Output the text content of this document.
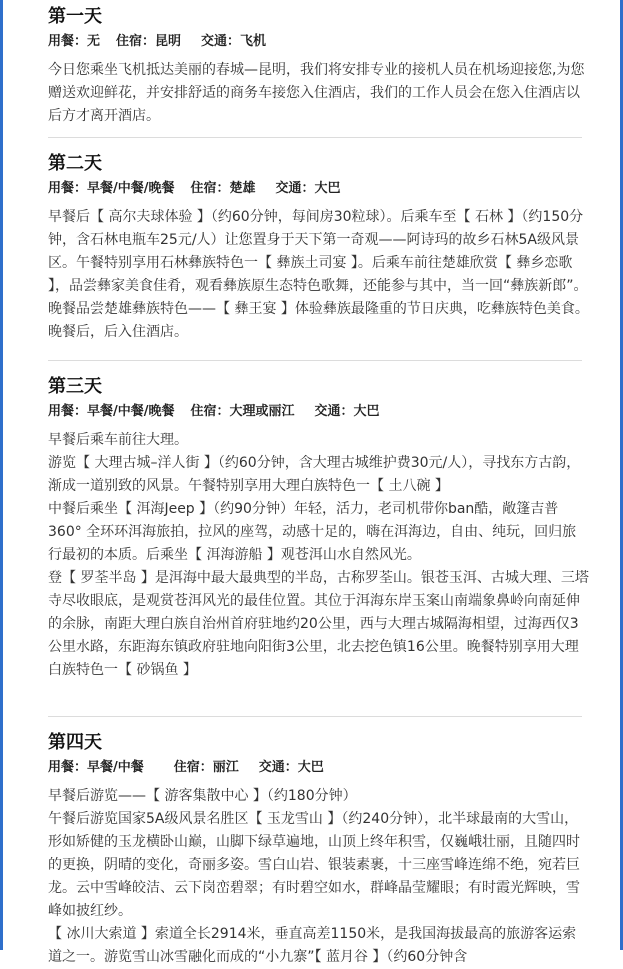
第一天
用餐：无 住宿：昆明 交通：飞机

今日您乘坐飞机抵达美丽的春城—昆明，我们将安排专业的接机人员在机场迎接您,为您赠送欢迎鲜花，并安排舒适的商务车接您入住酒店，我们的工作人员会在您入住酒店以后方才离开酒店。

第二天
用餐：早餐/中餐/晚餐 住宿：楚雄 交通：大巴

早餐后【 高尔夫球体验 】（约60分钟，每间房30粒球）。后乘车至【 石林 】（约150分钟，含石林电瓶车25元/人）让您置身于天下第一奇观——阿诗玛的故乡石林5A级风景区。午餐特别享用石林彝族特色一【 彝族土司宴 】。后乘车前往楚雄欣赏【 彝乡恋歌 】，品尝彝家美食佳肴，观看彝族原生态特色歌舞，还能参与其中，当一回“彝族新郎”。晚餐品尝楚雄彝族特色——【 彝王宴 】体验彝族最隆重的节日庆典，吃彝族特色美食。晚餐后，后入住酒店。

第三天
用餐：早餐/中餐/晚餐 住宿：大理或丽江 交通：大巴

早餐后乘车前往大理。

游览【 大理古城–洋人街 】（约60分钟，含大理古城维护费30元/人），寻找东方古韵，渐成一道别致的风景。午餐特别享用大理白族特色一【 土八碗 】

中餐后乘坐【 洱海Jeep 】（约90分钟）年轻，活力，老司机带你ban酷，敞篷吉普360° 全环环洱海旅拍，拉风的座驾，动感十足的，嗨在洱海边，自由、纯玩，回归旅行最初的本质。后乘坐【 洱海游船 】观苍洱山水自然风光。

登【 罗荃半岛 】是洱海中最大最典型的半岛，古称罗荃山。银苍玉洱、古城大理、三塔寺尽收眼底，是观赏苍洱风光的最佳位置。其位于洱海东岸玉案山南端象鼻岭向南延伸的余脉，南距大理白族自治州首府驻地约20公里，西与大理古城隔海相望，过海西仅3公里水路，东距海东镇政府驻地向阳街3公里，北去挖色镇16公里。晚餐特别享用大理白族特色一【 砂锅鱼 】

第四天
用餐：早餐/中餐 住宿：丽江 交通：大巴

早餐后游览——【 游客集散中心 】（约180分钟）

午餐后游览国家5A级风景名胜区【 玉龙雪山 】（约240分钟），北半球最南的大雪山，形如矫健的玉龙横卧山巅，山脚下绿草遍地，山顶上终年积雪，仅巍峨壮丽，且随四时的更换，阴晴的变化，奇丽多姿。雪白山岩、银装素裹，十三座雪峰连绵不绝，宛若巨龙。云中雪峰皎洁、云下岗峦碧翠；有时碧空如水，群峰晶莹耀眼；有时霞光辉映，雪峰如披红纱。

【 冰川大索道 】索道全长2914米，垂直高差1150米，是我国海拔最高的旅游客运索道之一。游览雪山冰雪融化而成的“小九寨”【 蓝月谷 】（约60分钟含
